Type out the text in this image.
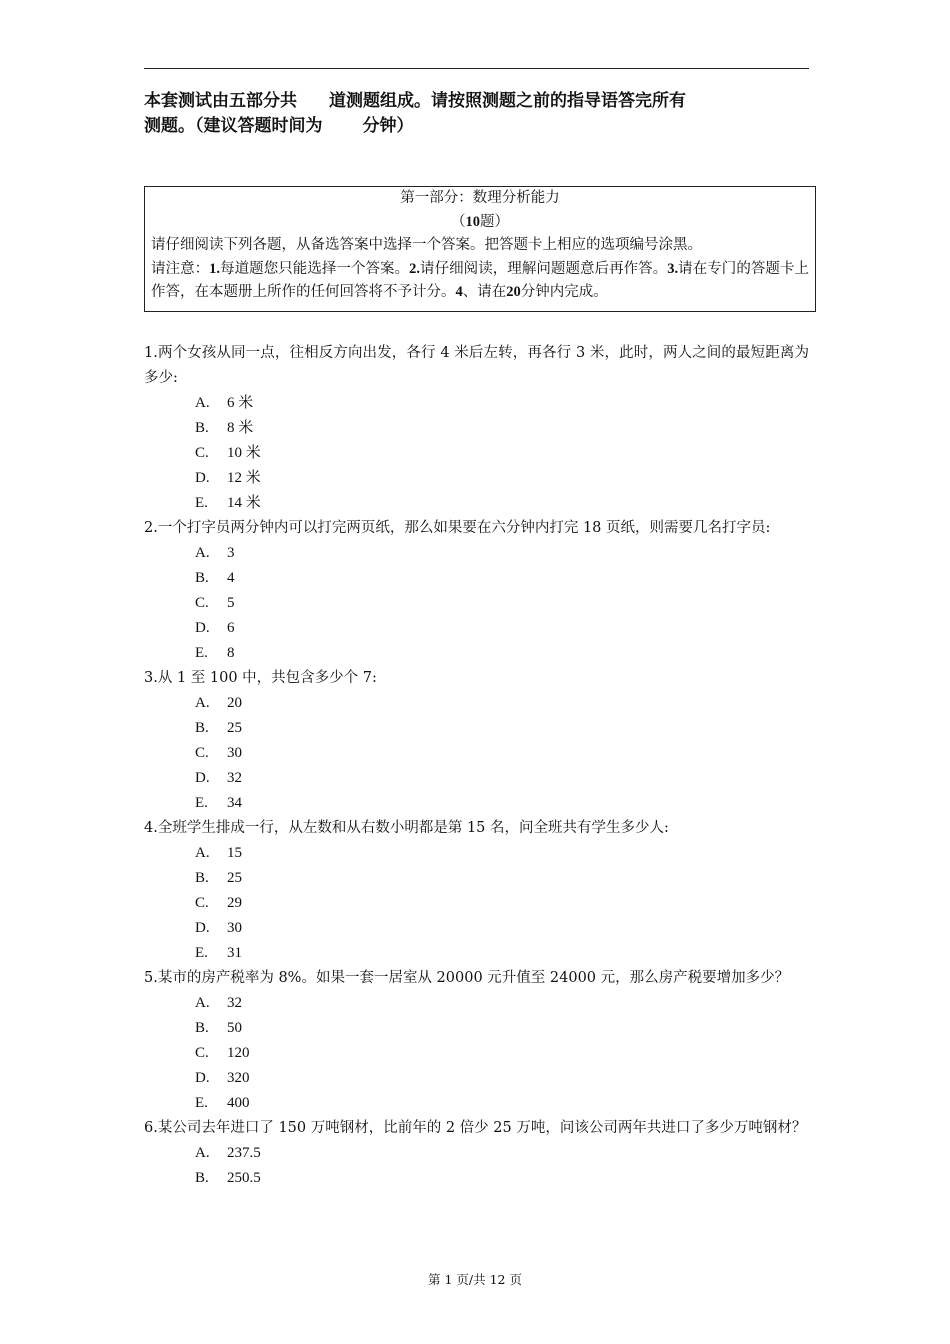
本套测试由五部分共 道测题组成。请按照测题之前的指导语答完所有
测题。（建议答题时间为 分钟）
第一部分：数理分析能力
（10题）
请仔细阅读下列各题，从备选答案中选择一个答案。把答题卡上相应的选项编号涂黑。
请注意：1.每道题您只能选择一个答案。2.请仔细阅读，理解问题题意后再作答。3.请在专门的答题卡上作答，在本题册上所作的任何回答将不予计分。4、请在20分钟内完成。
1.两个女孩从同一点，往相反方向出发，各行 4 米后左转，再各行 3 米，此时，两人之间的最短距离为多少:
A.	6 米
B.	8 米
C.	10 米
D.	12 米
E.	14 米
2.一个打字员两分钟内可以打完两页纸，那么如果要在六分钟内打完 18 页纸，则需要几名打字员:
A.	3
B.	4
C.	5
D.	6
E.	8
3.从 1 至 100 中，共包含多少个 7:
A.	20
B.	25
C.	30
D.	32
E.	34
4.全班学生排成一行，从左数和从右数小明都是第 15 名，问全班共有学生多少人:
A.	15
B.	25
C.	29
D.	30
E.	31
5.某市的房产税率为 8%。如果一套一居室从 20000 元升值至 24000 元，那么房产税要增加多少？
A.	32
B.	50
C.	120
D.	320
E.	400
6.某公司去年进口了 150 万吨钢材，比前年的 2 倍少 25 万吨，问该公司两年共进口了多少万吨钢材？
A.	237.5
B.	250.5
第 1 页/共 12 页
